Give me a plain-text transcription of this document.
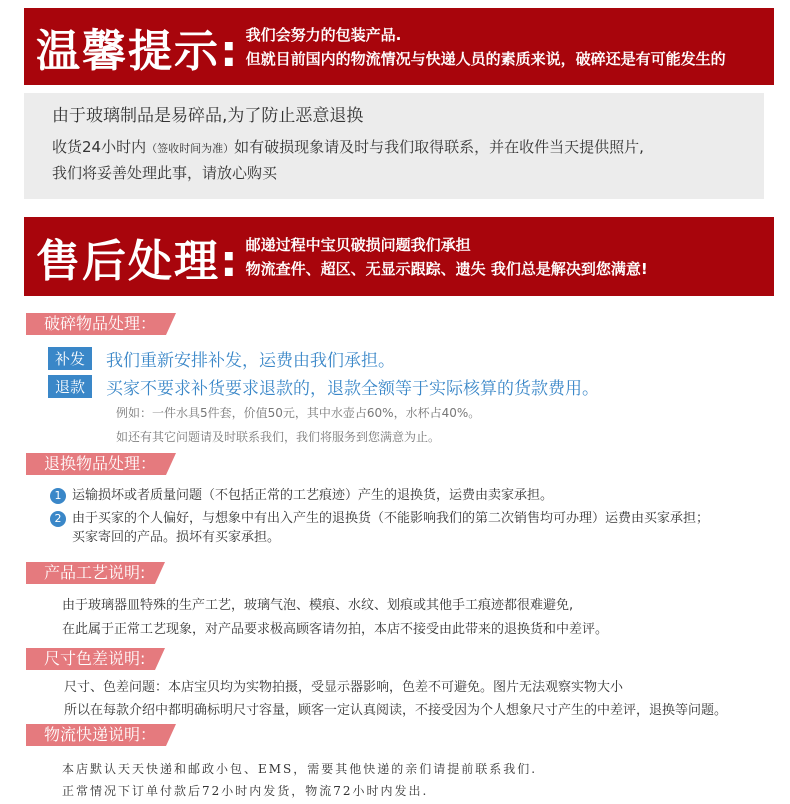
温馨提示: 我们会努力的包装产品.
但就目前国内的物流情况与快递人员的素质来说，破碎还是有可能发生的
由于玻璃制品是易碎品,为了防止恶意退换
收货24小时内（签收时间为准）如有破损现象请及时与我们取得联系，并在收件当天提供照片,
我们将妥善处理此事，请放心购买
售后处理: 邮递过程中宝贝破损问题我们承担
物流查件、超区、无显示跟踪、遗失 我们总是解决到您满意!
破碎物品处理：
补发 我们重新安排补发，运费由我们承担。
退款 买家不要求补货要求退款的，退款全额等于实际核算的货款费用。
例如：一件水具5件套，价值50元，其中水壶占60%，水杯占40%。
如还有其它问题请及时联系我们，我们将服务到您满意为止。
退换物品处理：
1 运输损坏或者质量问题（不包括正常的工艺痕迹）产生的退换货，运费由卖家承担。
2 由于买家的个人偏好，与想象中有出入产生的退换货（不能影响我们的第二次销售均可办理）运费由买家承担；
买家寄回的产品。损坏有买家承担。
产品工艺说明:
由于玻璃器皿特殊的生产工艺，玻璃气泡、模痕、水纹、划痕或其他手工痕迹都很难避免,
在此属于正常工艺现象，对产品要求极高顾客请勿拍，本店不接受由此带来的退换货和中差评。
尺寸色差说明:
尺寸、色差问题：本店宝贝均为实物拍摄，受显示器影响，色差不可避免。图片无法观察实物大小
所以在每款介绍中都明确标明尺寸容量，顾客一定认真阅读，不接受因为个人想象尺寸产生的中差评，退换等问题。
物流快递说明：
本店默认天天快递和邮政小包、EMS，需要其他快递的亲们请提前联系我们.
正常情况下订单付款后72小时内发货，物流72小时内发出.
